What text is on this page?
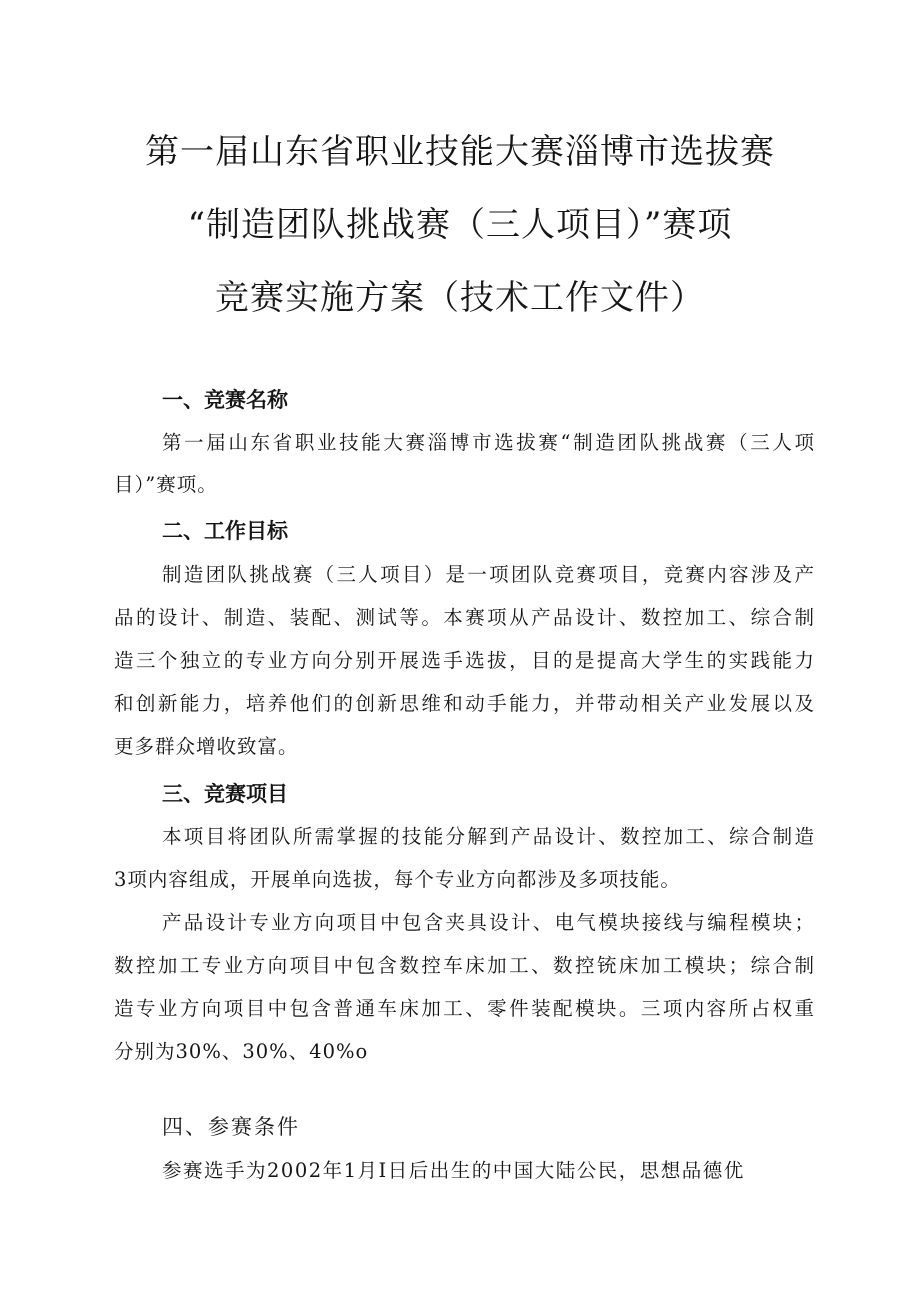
第一届山东省职业技能大赛淄博市选拔赛
“制造团队挑战赛（三人项目）”赛项
竞赛实施方案（技术工作文件）
一、竞赛名称
第一届山东省职业技能大赛淄博市选拔赛“制造团队挑战赛（三人项
目）”赛项。
二、工作目标
制造团队挑战赛（三人项目）是一项团队竞赛项目，竞赛内容涉及产
品的设计、制造、装配、测试等。本赛项从产品设计、数控加工、综合制
造三个独立的专业方向分别开展选手选拔，目的是提高大学生的实践能力
和创新能力，培养他们的创新思维和动手能力，并带动相关产业发展以及
更多群众增收致富。
三、竞赛项目
本项目将团队所需掌握的技能分解到产品设计、数控加工、综合制造
3项内容组成，开展单向选拔，每个专业方向都涉及多项技能。
产品设计专业方向项目中包含夹具设计、电气模块接线与编程模块；
数控加工专业方向项目中包含数控车床加工、数控铳床加工模块；综合制
造专业方向项目中包含普通车床加工、零件装配模块。三项内容所占权重
分别为30%、30%、40%o
四、参赛条件
参赛选手为2002年1月I日后出生的中国大陆公民，思想品德优
